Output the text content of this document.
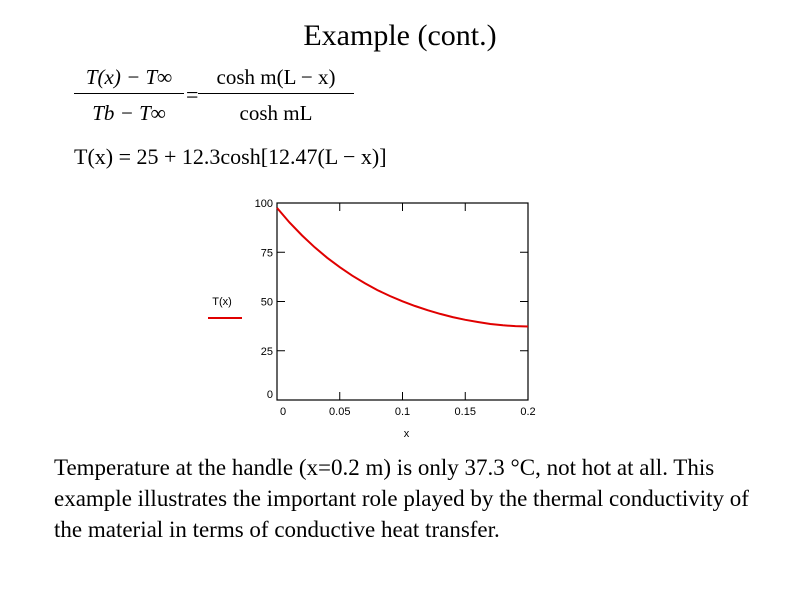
Example (cont.)
$\frac{T(x) - T\infty}{Tb - T\infty} = \frac{\text{cosh m(L − x)}}{\text{cosh mL}}$
T(x) = 25 + 12.3cosh[12.47(L − x)]
0	0.05	0.1	0.15	0.2
0
25
50
75
100
x
T(x)
Temperature at the handle (x=0.2 m) is only 37.3 °C, not hot at all. This example illustrates the important role played by the thermal conductivity of the material in terms of conductive heat transfer.
